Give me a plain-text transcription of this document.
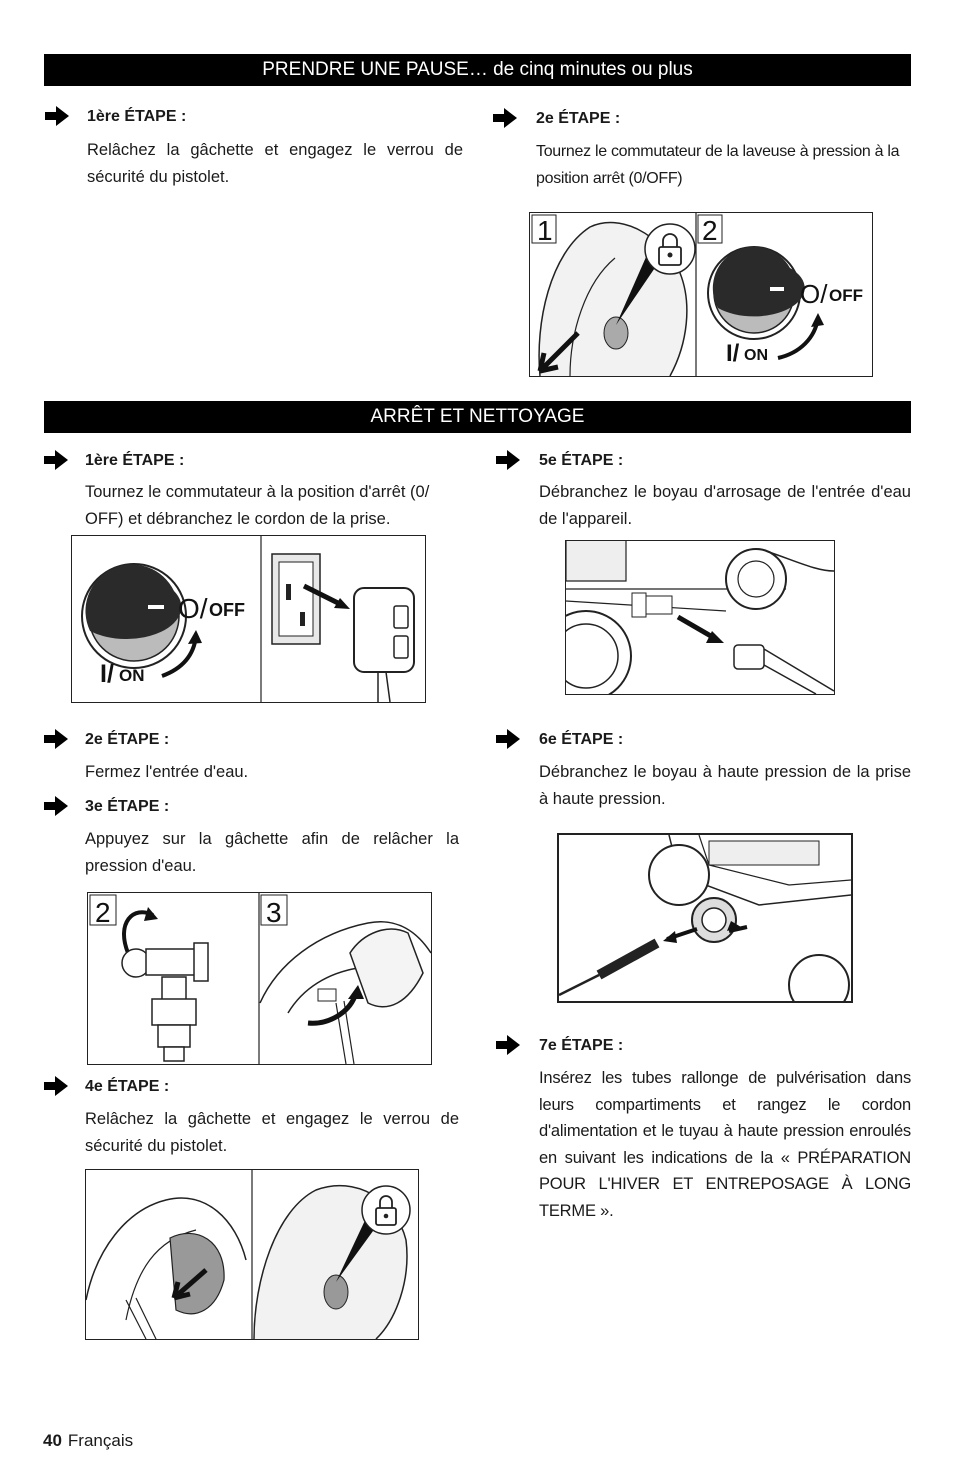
PRENDRE UNE PAUSE… de cinq minutes ou plus
1ère ÉTAPE :
Relâchez la gâchette et engagez le verrou de sécurité du pistolet.
2e ÉTAPE :
Tournez le commutateur de la laveuse à pression à la position arrêt (0/OFF)
O/ OFF
I/ ON
1	2
ARRÊT ET NETTOYAGE
1ère ÉTAPE :
Tournez le commutateur à la position d'arrêt (0/ OFF) et débranchez le cordon de la prise.
O/ OFF
I/ ON
2e ÉTAPE :
Fermez l'entrée d'eau.
3e ÉTAPE :
Appuyez sur la gâchette afin de relâcher la pression d'eau.
2	3
4e ÉTAPE :
Relâchez la gâchette et engagez le verrou de sécurité du pistolet.
5e ÉTAPE :
Débranchez le boyau d'arrosage de l'entrée d'eau de l'appareil.
6e ÉTAPE :
Débranchez le boyau à haute pression de la prise à haute pression.
7e ÉTAPE :
Insérez les tubes rallonge de pulvérisation dans leurs compartiments et rangez le cordon d'alimentation et le tuyau à haute pression enroulés en suivant les indications de la « PRÉPARATION POUR L'HIVER ET ENTREPOSAGE À LONG TERME ».
40 Français
